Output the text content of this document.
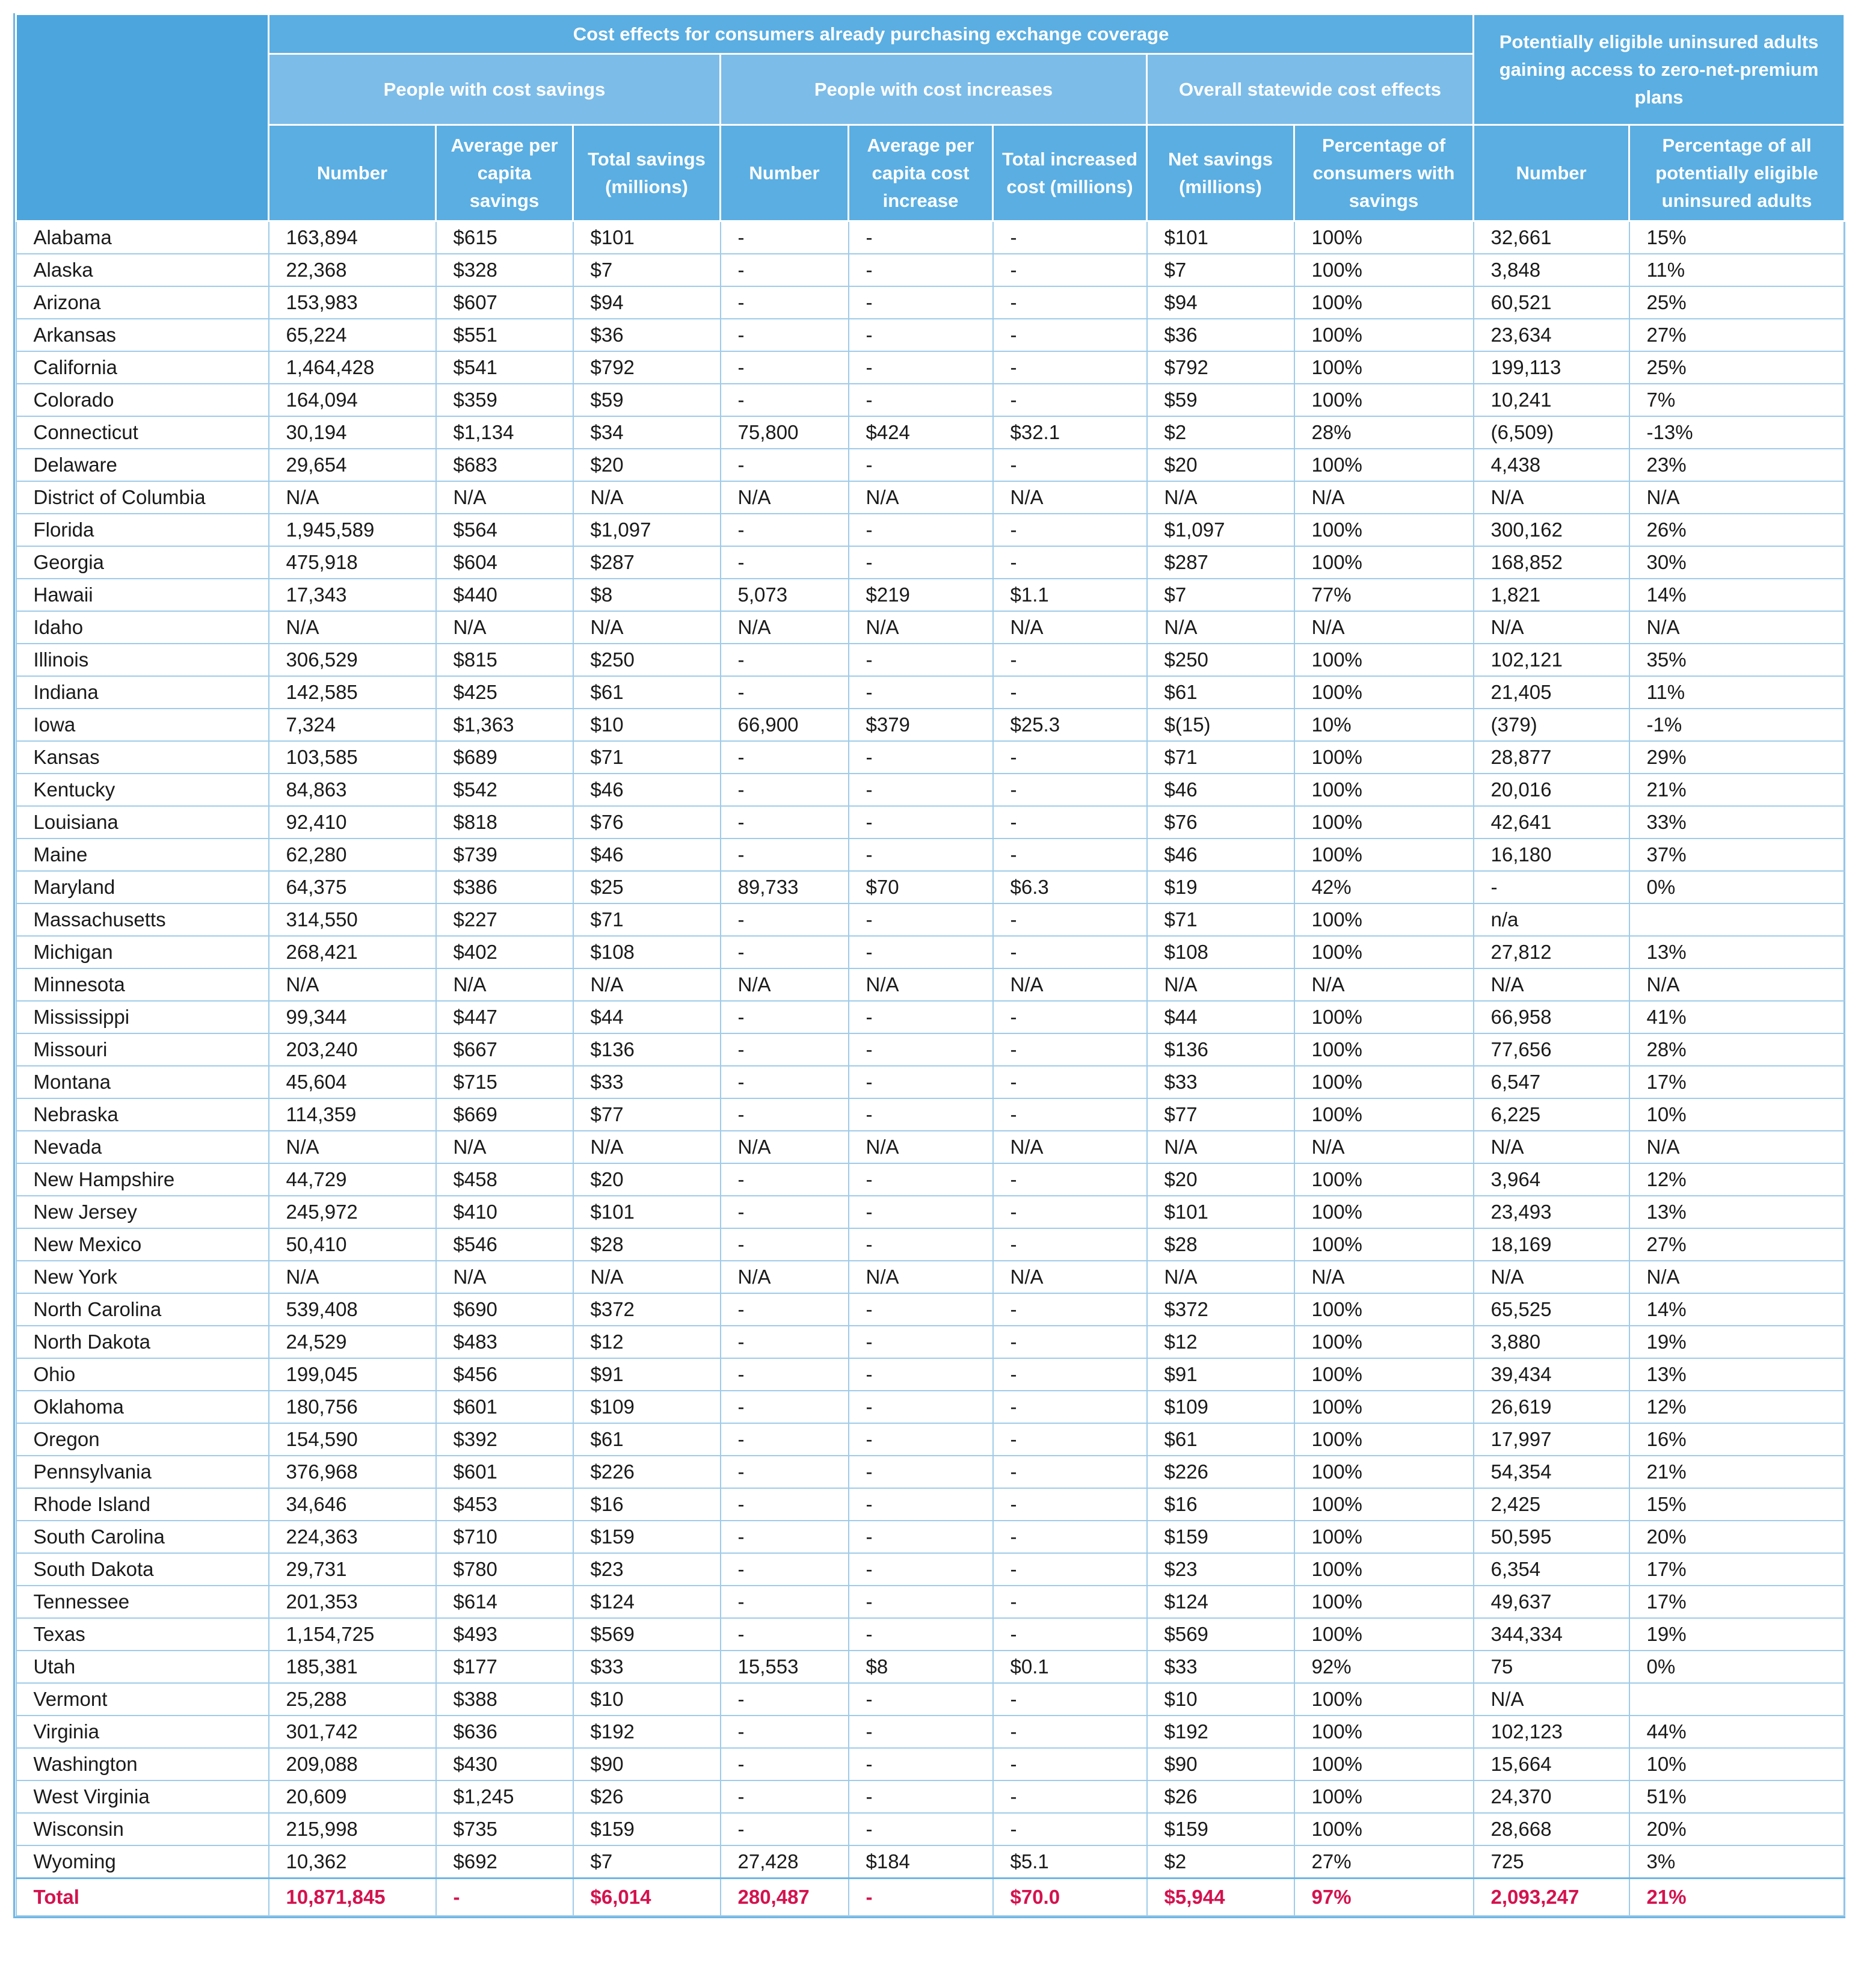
	Cost effects for consumers already purchasing exchange coverage								Potentially eligible uninsured adults gaining access to zero-net-premium plans	
	People with cost savings			People with cost increases			Overall statewide cost effects			
	Number	Average per capita savings	Total savings (millions)	Number	Average per capita cost increase	Total increased cost (millions)	Net savings (millions)	Percentage of consumers with savings	Number	Percentage of all potentially eligible uninsured adults
Alabama	163,894	$615	$101	-	-	-	$101	100%	32,661	15%
Alaska	22,368	$328	$7	-	-	-	$7	100%	3,848	11%
Arizona	153,983	$607	$94	-	-	-	$94	100%	60,521	25%
Arkansas	65,224	$551	$36	-	-	-	$36	100%	23,634	27%
California	1,464,428	$541	$792	-	-	-	$792	100%	199,113	25%
Colorado	164,094	$359	$59	-	-	-	$59	100%	10,241	7%
Connecticut	30,194	$1,134	$34	75,800	$424	$32.1	$2	28%	(6,509)	-13%
Delaware	29,654	$683	$20	-	-	-	$20	100%	4,438	23%
District of Columbia	N/A	N/A	N/A	N/A	N/A	N/A	N/A	N/A	N/A	N/A
Florida	1,945,589	$564	$1,097	-	-	-	$1,097	100%	300,162	26%
Georgia	475,918	$604	$287	-	-	-	$287	100%	168,852	30%
Hawaii	17,343	$440	$8	5,073	$219	$1.1	$7	77%	1,821	14%
Idaho	N/A	N/A	N/A	N/A	N/A	N/A	N/A	N/A	N/A	N/A
Illinois	306,529	$815	$250	-	-	-	$250	100%	102,121	35%
Indiana	142,585	$425	$61	-	-	-	$61	100%	21,405	11%
Iowa	7,324	$1,363	$10	66,900	$379	$25.3	$(15)	10%	(379)	-1%
Kansas	103,585	$689	$71	-	-	-	$71	100%	28,877	29%
Kentucky	84,863	$542	$46	-	-	-	$46	100%	20,016	21%
Louisiana	92,410	$818	$76	-	-	-	$76	100%	42,641	33%
Maine	62,280	$739	$46	-	-	-	$46	100%	16,180	37%
Maryland	64,375	$386	$25	89,733	$70	$6.3	$19	42%	-	0%
Massachusetts	314,550	$227	$71	-	-	-	$71	100%	n/a	
Michigan	268,421	$402	$108	-	-	-	$108	100%	27,812	13%
Minnesota	N/A	N/A	N/A	N/A	N/A	N/A	N/A	N/A	N/A	N/A
Mississippi	99,344	$447	$44	-	-	-	$44	100%	66,958	41%
Missouri	203,240	$667	$136	-	-	-	$136	100%	77,656	28%
Montana	45,604	$715	$33	-	-	-	$33	100%	6,547	17%
Nebraska	114,359	$669	$77	-	-	-	$77	100%	6,225	10%
Nevada	N/A	N/A	N/A	N/A	N/A	N/A	N/A	N/A	N/A	N/A
New Hampshire	44,729	$458	$20	-	-	-	$20	100%	3,964	12%
New Jersey	245,972	$410	$101	-	-	-	$101	100%	23,493	13%
New Mexico	50,410	$546	$28	-	-	-	$28	100%	18,169	27%
New York	N/A	N/A	N/A	N/A	N/A	N/A	N/A	N/A	N/A	N/A
North Carolina	539,408	$690	$372	-	-	-	$372	100%	65,525	14%
North Dakota	24,529	$483	$12	-	-	-	$12	100%	3,880	19%
Ohio	199,045	$456	$91	-	-	-	$91	100%	39,434	13%
Oklahoma	180,756	$601	$109	-	-	-	$109	100%	26,619	12%
Oregon	154,590	$392	$61	-	-	-	$61	100%	17,997	16%
Pennsylvania	376,968	$601	$226	-	-	-	$226	100%	54,354	21%
Rhode Island	34,646	$453	$16	-	-	-	$16	100%	2,425	15%
South Carolina	224,363	$710	$159	-	-	-	$159	100%	50,595	20%
South Dakota	29,731	$780	$23	-	-	-	$23	100%	6,354	17%
Tennessee	201,353	$614	$124	-	-	-	$124	100%	49,637	17%
Texas	1,154,725	$493	$569	-	-	-	$569	100%	344,334	19%
Utah	185,381	$177	$33	15,553	$8	$0.1	$33	92%	75	0%
Vermont	25,288	$388	$10	-	-	-	$10	100%	N/A	
Virginia	301,742	$636	$192	-	-	-	$192	100%	102,123	44%
Washington	209,088	$430	$90	-	-	-	$90	100%	15,664	10%
West Virginia	20,609	$1,245	$26	-	-	-	$26	100%	24,370	51%
Wisconsin	215,998	$735	$159	-	-	-	$159	100%	28,668	20%
Wyoming	10,362	$692	$7	27,428	$184	$5.1	$2	27%	725	3%
Total	10,871,845	-	$6,014	280,487	-	$70.0	$5,944	97%	2,093,247	21%
